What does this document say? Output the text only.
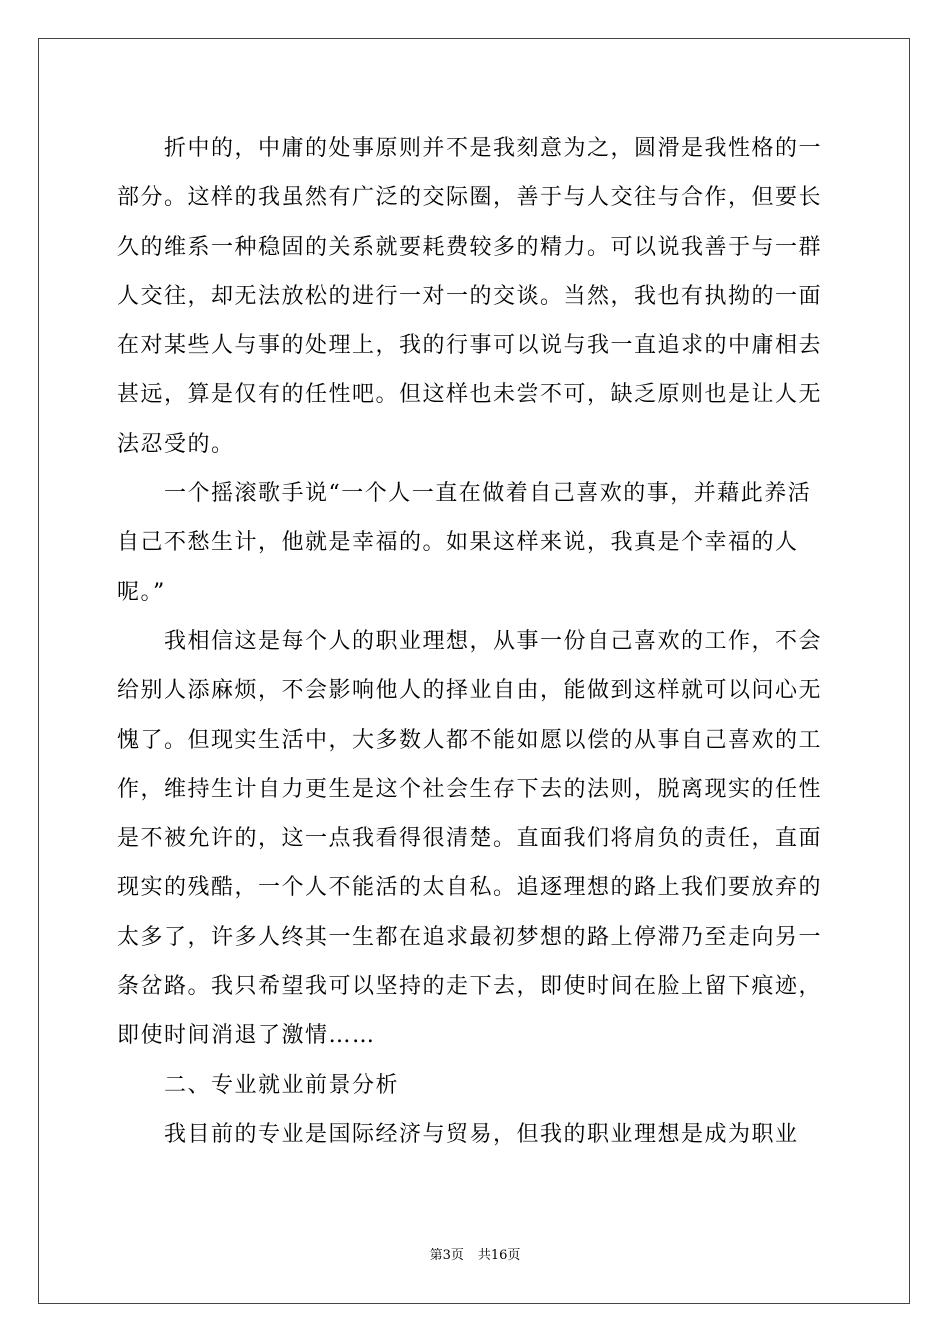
折中的，中庸的处事原则并不是我刻意为之，圆滑是我性格的一
部分。这样的我虽然有广泛的交际圈，善于与人交往与合作，但要长
久的维系一种稳固的关系就要耗费较多的精力。可以说我善于与一群
人交往，却无法放松的进行一对一的交谈。当然，我也有执拗的一面
在对某些人与事的处理上，我的行事可以说与我一直追求的中庸相去
甚远，算是仅有的任性吧。但这样也未尝不可，缺乏原则也是让人无
法忍受的。
一个摇滚歌手说“一个人一直在做着自己喜欢的事，并藉此养活
自己不愁生计，他就是幸福的。如果这样来说，我真是个幸福的人
呢。”
我相信这是每个人的职业理想，从事一份自己喜欢的工作，不会
给别人添麻烦，不会影响他人的择业自由，能做到这样就可以问心无
愧了。但现实生活中，大多数人都不能如愿以偿的从事自己喜欢的工
作，维持生计自力更生是这个社会生存下去的法则，脱离现实的任性
是不被允许的，这一点我看得很清楚。直面我们将肩负的责任，直面
现实的残酷，一个人不能活的太自私。追逐理想的路上我们要放弃的
太多了，许多人终其一生都在追求最初梦想的路上停滞乃至走向另一
条岔路。我只希望我可以坚持的走下去，即使时间在脸上留下痕迹，
即使时间消退了激情……
二、专业就业前景分析
我目前的专业是国际经济与贸易，但我的职业理想是成为职业
第3页 共16页
